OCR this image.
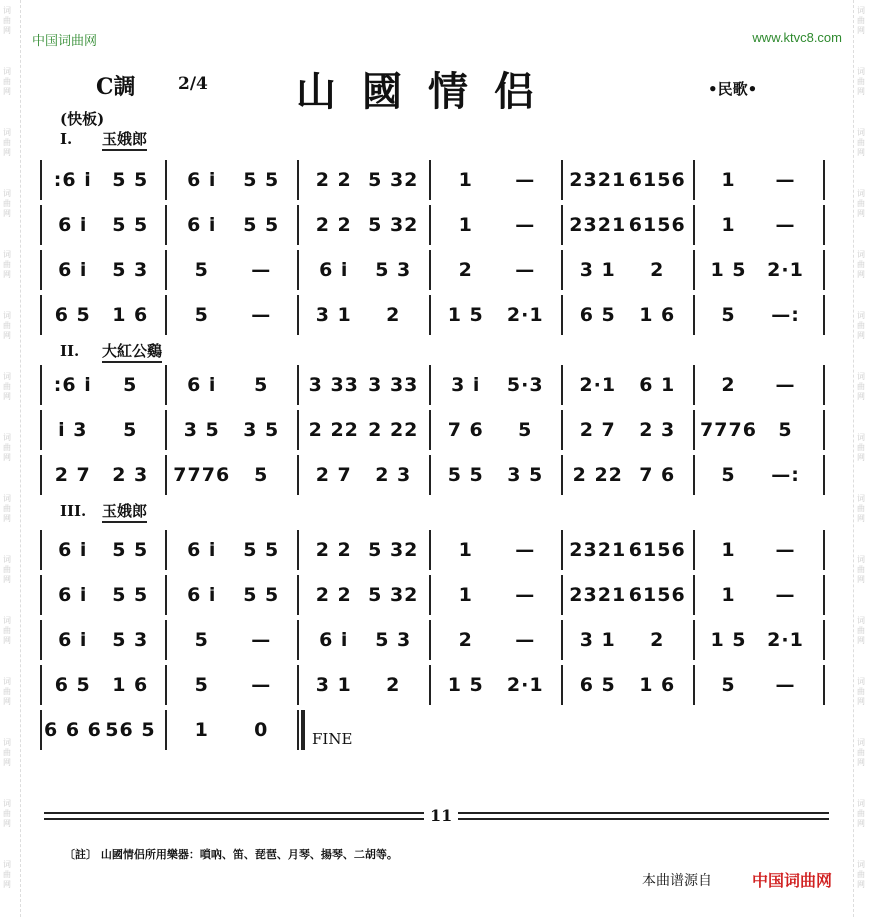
词
曲
网
词
曲
网
词
曲
网
词
曲
网
词
曲
网
词
曲
网
词
曲
网
词
曲
网
词
曲
网
词
曲
网
词
曲
网
词
曲
网
词
曲
网
词
曲
网
词
曲
网
词
曲
网
词
曲
网
词
曲
网
词
曲
网
词
曲
网
词
曲
网
词
曲
网
词
曲
网
词
曲
网
词
曲
网
词
曲
网
词
曲
网
词
曲
网
词
曲
网
词
曲
网
中国词曲网	www.ktvc8.com
C調 2/4 山國情侣	•民歌•
(快板)
I. 玉娥郎
II. 大紅公鷄
III. 玉娥郎
:6 i	5 5	6 i	5 5	2 2 5 32	1	—	2321 6156	1	—
6 i	5 5	6 i	5 5	2 2 5 32	1	—	2321 6156	1	—
6 i	5 3	5	—	6 i	5 3	2	—	3 1	2	1 5	2·1
6 5	1 6	5	—	3 1	2	1 5	2·1	6 5	1 6	5	—:
:6 i	5	6 i	5	3 33 3 33	3 i	5·3	2·1	6 1	2	—
i 3	5	3 5	3 5	2 22 2 22	7 6	5	2 7	2 3	7776	5
2 7	2 3	7776	5	2 7	2 3	5 5	3 5	2 22 7 6	5	—:
6 i	5 5	6 i	5 5	2 2 5 32	1	—	2321 6156	1	—
6 i	5 5	6 i	5 5	2 2 5 32	1	—	2321 6156	1	—
6 i	5 3	5	—	6 i	5 3	2	—	3 1	2	1 5	2·1
6 5	1 6	5	—	3 1	2	1 5	2·1	6 5	1 6	5	—
6 6 6 56 5	1	0	FINE
11
〔註〕 山國情侣所用樂器：嗩吶、笛、琵琶、月琴、揚琴、二胡等。
本曲谱源自	中国词曲网
